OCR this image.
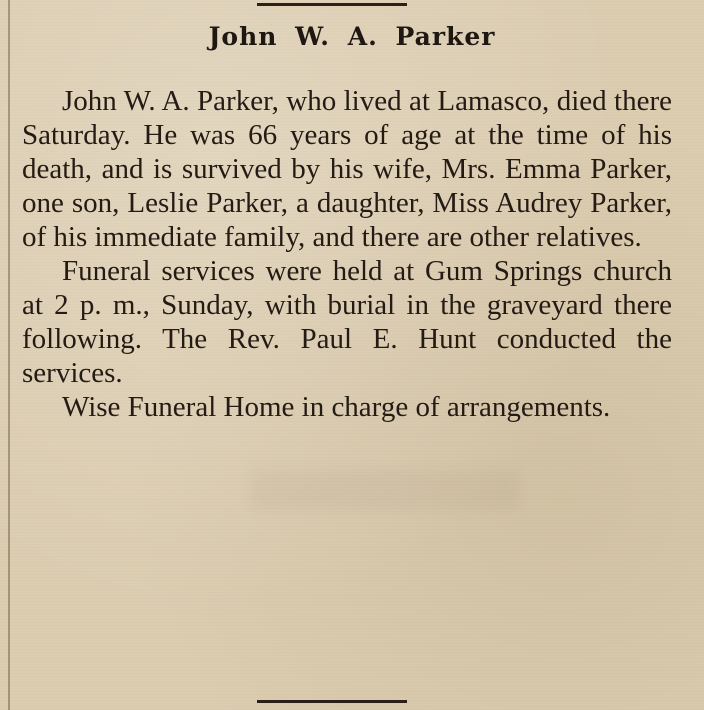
John W. A. Parker

John W. A. Parker, who lived at Lamasco, died there Saturday. He was 66 years of age at the time of his death, and is survived by his wife, Mrs. Emma Parker, one son, Leslie Parker, a daughter, Miss Audrey Parker, of his immediate family, and there are other relatives.

Funeral services were held at Gum Springs church at 2 p. m., Sunday, with burial in the graveyard there following. The Rev. Paul E. Hunt conducted the services.

Wise Funeral Home in charge of arrangements.
